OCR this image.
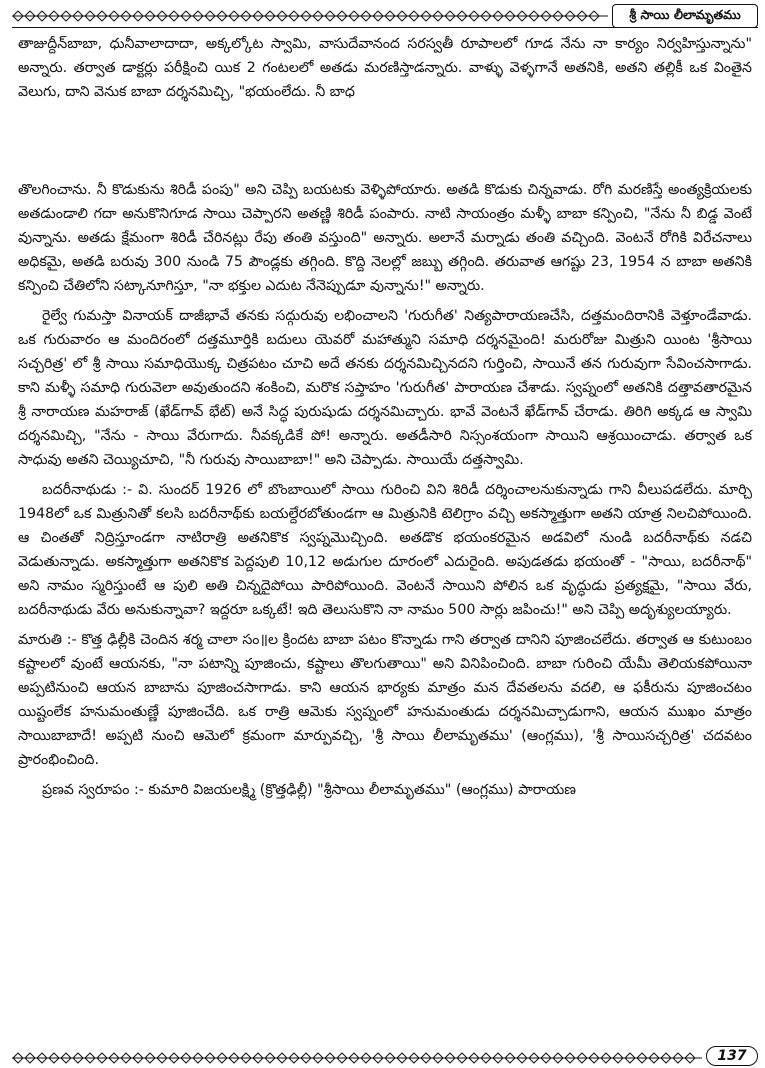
శ్రీ సాయి లీలామృతము

తాజుద్దీన్‌బాబా, ధునీవాలాదాదా, అక్కల్కోట స్వామి, వాసుదేవానంద సరస్వతీ రూపాలలో గూడ నేను నా కార్యం నిర్వహిస్తున్నాను" అన్నారు. తర్వాత డాక్టర్లు పరీక్షించి యిక 2 గంటలలో అతడు మరణిస్తాడన్నారు. వాళ్ళు వెళ్ళగానే అతనికి, అతని తల్లికీ ఒక వింతైన వెలుగు, దాని వెనుక బాబా దర్శనమిచ్చి, "భయంలేదు. నీ బాధ

తొలగించాను. నీ కొడుకును శిరిడీ పంపు" అని చెప్పి బయటకు వెళ్ళిపోయారు. అతడి కొడుకు చిన్నవాడు. రోగి మరణిస్తే అంత్యక్రియలకు అతడుండాలి గదా అనుకొనిగూడ సాయి చెప్పారని అతణ్ణి శిరిడీ పంపారు. నాటి సాయంత్రం మళ్ళీ బాబా కన్పించి, "నేను నీ బిడ్డ వెంటే వున్నాను. అతడు క్షేమంగా శిరిడీ చేరినట్లు రేపు తంతి వస్తుంది" అన్నారు. అలానే మర్నాడు తంతి వచ్చింది. వెంటనే రోగికి విరేచనాలు అధికమై, అతడి బరువు 300 నుండి 75 పౌండ్లకు తగ్గింది. కొద్ది నెలల్లో జబ్బు తగ్గింది. తరువాత ఆగష్టు 23, 1954 న బాబా అతనికి కన్పించి చేతిలోని సట్కానూగిస్తూ, "నా భక్తుల ఎదుట నేనెప్పుడూ వున్నాను!" అన్నారు.

రైల్వే గుమస్తా వినాయక్ దాజీభావే తనకు సద్గురువు లభించాలని 'గురుగీత' నిత్యపారాయణచేసి, దత్తమందిరానికి వెళ్తూండేవాడు. ఒక గురువారం ఆ మందిరంలో దత్తమూర్తికి బదులు యెవరో మహాత్ముని సమాధి దర్శనమైంది! మరురోజు మిత్రుని యింట 'శ్రీసాయి సచ్చరిత్ర' లో శ్రీ సాయి సమాధియొక్క చిత్రపటం చూచి అదే తనకు దర్శనమిచ్చినదని గుర్తించి, సాయినే తన గురువుగా సేవించసాగాడు. కాని మళ్ళీ సమాధి గురువెలా అవుతుందని శంకించి, మరొక సప్తాహం 'గురుగీత' పారాయణ చేశాడు. స్వప్నంలో అతనికి దత్తావతారమైన శ్రీ నారాయణ మహరాజ్ (ఖేడ్‌గావ్ భేట్) అనే సిద్ధ పురుషుడు దర్శనమిచ్చారు. భావే వెంటనే ఖేడ్‌గావ్ చేరాడు. తిరిగి అక్కడ ఆ స్వామి దర్శనమిచ్చి, "నేను - సాయి వేరుగాదు. నీవక్కడికే పో! అన్నారు. అతడీసారి నిస్సంశయంగా సాయిని ఆశ్రయించాడు. తర్వాత ఒక సాధువు అతని చెయ్యిచూచి, "నీ గురువు సాయిబాబా!" అని చెప్పాడు. సాయియే దత్తస్వామి.

బదరీనాథుడు :- వి. సుందర్ 1926 లో బొంబాయిలో సాయి గురించి విని శిరిడీ దర్శించాలనుకున్నాడు గాని వీలుపడలేదు. మార్చి 1948లో ఒక మిత్రునితో కలసి బదరీనాథ్‌కు బయల్దేరబోతుండగా ఆ మిత్రునికి టెలిగ్రాం వచ్చి అకస్మాత్తుగా అతని యాత్ర నిలచిపోయింది. ఆ చింతతో నిద్రిస్తూండగా నాటిరాత్రి అతనికొక స్వప్నమొచ్చింది. అతడొక భయంకరమైన అడవిలో నుండి బదరీనాథ్‌కు నడచి వెడుతున్నాడు. అకస్మాత్తుగా అతనికొక పెద్దపులి 10,12 అడుగుల దూరంలో ఎదురైంది. అపుడతడు భయంతో - "సాయి, బదరీనాథ్" అని నామం స్మరిస్తుంటే ఆ పులి అతి చిన్నదైపోయి పారిపోయింది. వెంటనే సాయిని పోలిన ఒక వృద్ధుడు ప్రత్యక్షమై, "సాయి వేరు, బదరీనాథుడు వేరు అనుకున్నావా? ఇద్దరూ ఒక్కటే! ఇది తెలుసుకొని నా నామం 500 సార్లు జపించు!" అని చెప్పి అదృశ్యులయ్యారు.

మారుతి :- కొత్త ఢిల్లీకి చెందిన శర్మ చాలా సం॥ల క్రిందట బాబా పటం కొన్నాడు గాని తర్వాత దానిని పూజించలేదు. తర్వాత ఆ కుటుంబం కష్టాలలో వుంటే ఆయనకు, "నా పటాన్ని పూజించు, కష్టాలు తొలగుతాయి" అని వినిపించింది. బాబా గురించి యేమీ తెలియకపోయినా అప్పటినుంచి ఆయన బాబాను పూజించసాగాడు. కాని ఆయన భార్యకు మాత్రం మన దేవతలను వదలి, ఆ ఫకీరును పూజించటం యిష్టంలేక హనుమంతుణ్ణే పూజించేది. ఒక రాత్రి ఆమెకు స్వప్నంలో హనుమంతుడు దర్శనమిచ్చాడుగాని, ఆయన ముఖం మాత్రం సాయిబాబాదే! అప్పటి నుంచి ఆమెలో క్రమంగా మార్పువచ్చి, 'శ్రీ సాయి లీలామృతము' (ఆంగ్లము), 'శ్రీ సాయిసచ్చరిత్ర' చదవటం ప్రారంభించింది.

ప్రణవ స్వరూపం :- కుమారి విజయలక్ష్మి (క్రొత్తఢిల్లీ) "శ్రీసాయి లీలామృతము" (ఆంగ్లము) పారాయణ

137
